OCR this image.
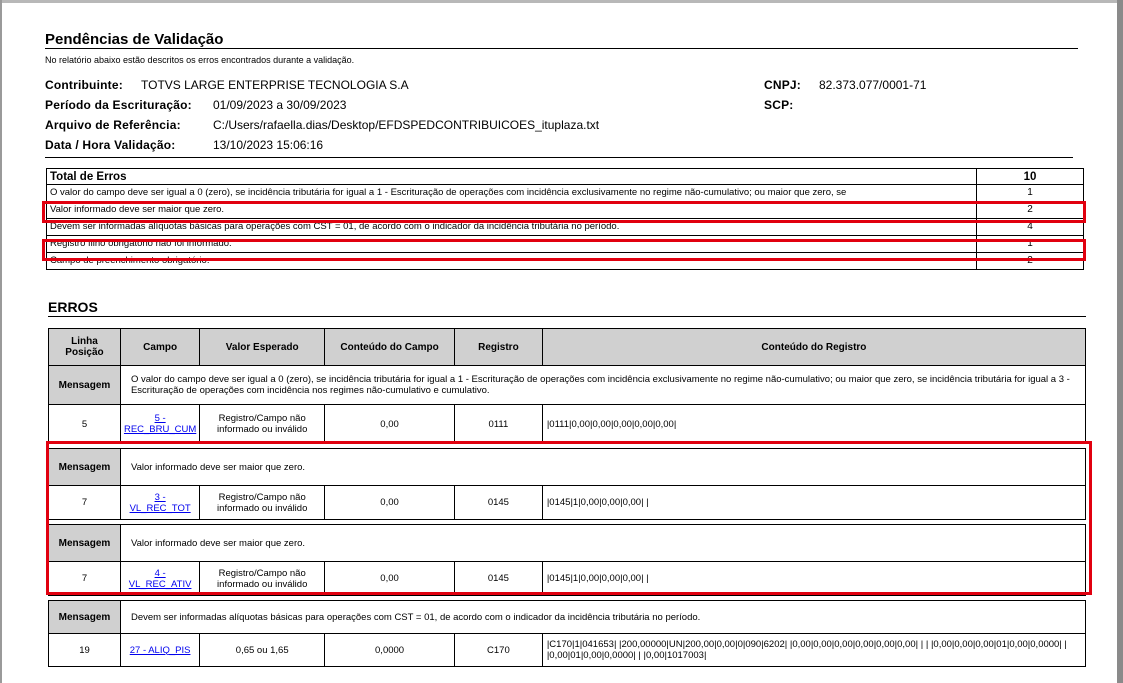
Pendências de Validação
No relatório abaixo estão descritos os erros encontrados durante a validação.
Contribuinte: TOTVS LARGE ENTERPRISE TECNOLOGIA S.A
Período da Escrituração: 01/09/2023 a 30/09/2023
Arquivo de Referência:	C:/Users/rafaella.dias/Desktop/EFDSPEDCONTRIBUICOES_ituplaza.txt
Data / Hora Validação:	13/10/2023 15:06:16
CNPJ: 82.373.077/0001-71
SCP:
Total de Erros	10

O valor do campo deve ser igual a 0 (zero), se incidência tributária for igual a 1 - Escrituração de operações com incidência exclusivamente no regime não-cumulativo; ou maior que zero, se	1

Valor informado deve ser maior que zero.	2

Devem ser informadas alíquotas básicas para operações com CST = 01, de acordo com o indicador da incidência tributária no período.	4

Registro filho obrigatório não foi informado.	1

Campo de preenchimento obrigatório.	2
ERROS
Linha
Posição	Campo	Valor Esperado	Conteúdo do Campo	Registro	Conteúdo do Registro
Mensagem	O valor do campo deve ser igual a 0 (zero), se incidência tributária for igual a 1 - Escrituração de operações com incidência exclusivamente no regime não-cumulativo; ou maior que zero, se incidência tributária for igual a 3 - Escrituração de operações com incidência nos regimes não-cumulativo e cumulativo.				
5	5 - REC_BRU_CUM	Registro/Campo não informado ou inválido	0,00	0111	|0111|0,00|0,00|0,00|0,00|0,00|

Mensagem	Valor informado deve ser maior que zero.				
7	3 - VL_REC_TOT	Registro/Campo não informado ou inválido	0,00	0145	|0145|1|0,00|0,00|0,00| |

Mensagem	Valor informado deve ser maior que zero.				
7	4 - VL_REC_ATIV	Registro/Campo não informado ou inválido	0,00	0145	|0145|1|0,00|0,00|0,00| |

Mensagem	Devem ser informadas alíquotas básicas para operações com CST = 01, de acordo com o indicador da incidência tributária no período.				
19	27 - ALIQ_PIS	0,65 ou 1,65	0,0000	C170	|C170|1|041653| |200,00000|UN|200,00|0,00|0|090|6202| |0,00|0,00|0,00|0,00|0,00|0,00| | | |0,00|0,00|0,00|01|0,00|0,0000| | |0,00|01|0,00|0,0000| | |0,00|1017003|
